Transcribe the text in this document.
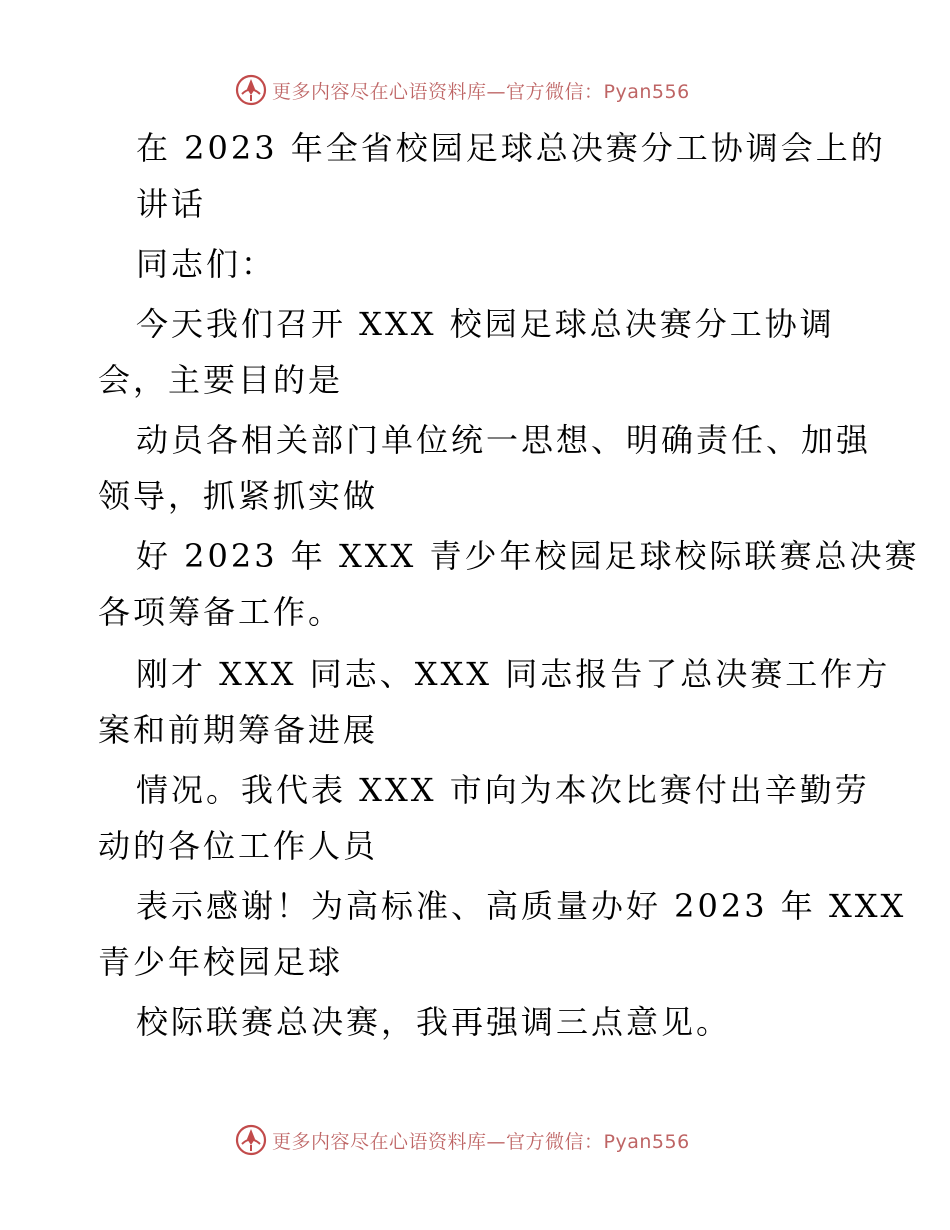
更多内容尽在心语资料库—官方微信：Pyan556
在 2023 年全省校园足球总决赛分工协调会上的
讲话
同志们：
今天我们召开 XXX 校园足球总决赛分工协调
会，主要目的是
动员各相关部门单位统一思想、明确责任、加强
领导，抓紧抓实做
好 2023 年 XXX 青少年校园足球校际联赛总决赛
各项筹备工作。
刚才 XXX 同志、XXX 同志报告了总决赛工作方
案和前期筹备进展
情况。我代表 XXX 市向为本次比赛付出辛勤劳
动的各位工作人员
表示感谢！为高标准、高质量办好 2023 年 XXX
青少年校园足球
校际联赛总决赛，我再强调三点意见。
更多内容尽在心语资料库—官方微信：Pyan556
